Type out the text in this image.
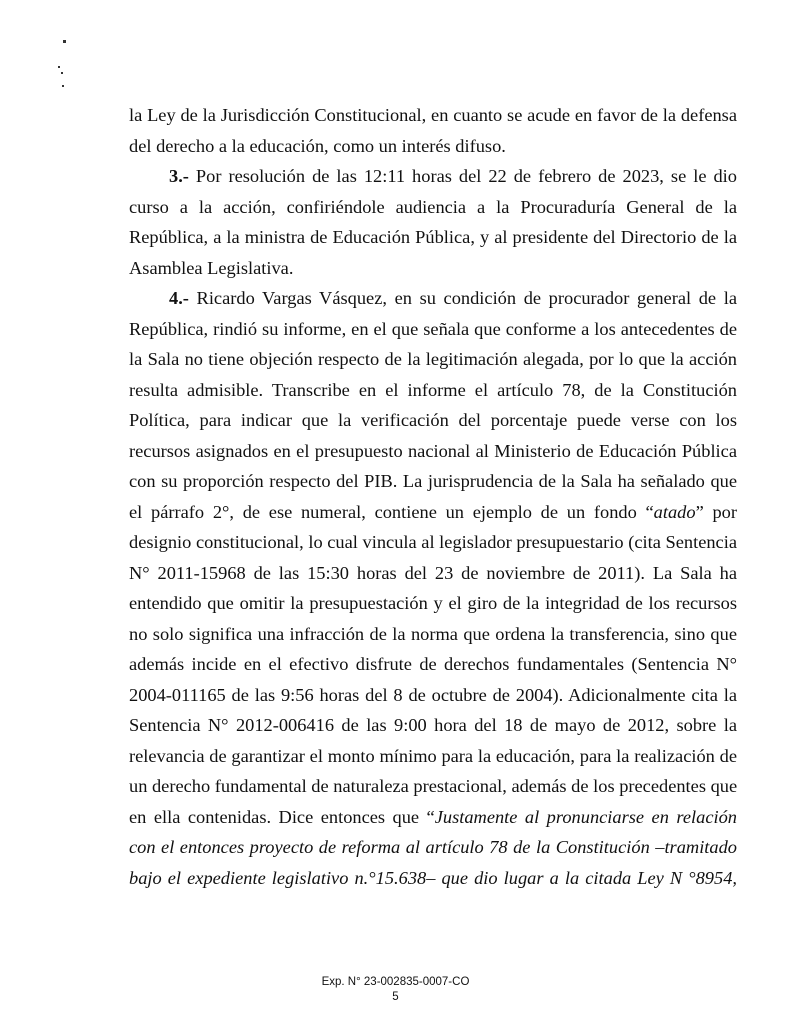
la Ley de la Jurisdicción Constitucional, en cuanto se acude en favor de la defensa
del derecho a la educación, como un interés difuso.
3.- Por resolución de las 12:11 horas del 22 de febrero de 2023, se le dio
curso a la acción, confiriéndole audiencia a la Procuraduría General de la
República, a la ministra de Educación Pública, y al presidente del Directorio de la
Asamblea Legislativa.
4.- Ricardo Vargas Vásquez, en su condición de procurador general de la
República, rindió su informe, en el que señala que conforme a los antecedentes de
la Sala no tiene objeción respecto de la legitimación alegada, por lo que la acción
resulta admisible. Transcribe en el informe el artículo 78, de la Constitución
Política, para indicar que la verificación del porcentaje puede verse con los
recursos asignados en el presupuesto nacional al Ministerio de Educación Pública
con su proporción respecto del PIB. La jurisprudencia de la Sala ha señalado que
el párrafo 2°, de ese numeral, contiene un ejemplo de un fondo “atado” por
designio constitucional, lo cual vincula al legislador presupuestario (cita Sentencia
N° 2011-15968 de las 15:30 horas del 23 de noviembre de 2011). La Sala ha
entendido que omitir la presupuestación y el giro de la integridad de los recursos
no solo significa una infracción de la norma que ordena la transferencia, sino que
además incide en el efectivo disfrute de derechos fundamentales (Sentencia N°
2004-011165 de las 9:56 horas del 8 de octubre de 2004). Adicionalmente cita la
Sentencia N° 2012-006416 de las 9:00 hora del 18 de mayo de 2012, sobre la
relevancia de garantizar el monto mínimo para la educación, para la realización de
un derecho fundamental de naturaleza prestacional, además de los precedentes que
en ella contenidas. Dice entonces que “Justamente al pronunciarse en relación
con el entonces proyecto de reforma al artículo 78 de la Constitución –tramitado
bajo el expediente legislativo n.°15.638– que dio lugar a la citada Ley N °8954,
Exp. N° 23-002835-0007-CO
5
